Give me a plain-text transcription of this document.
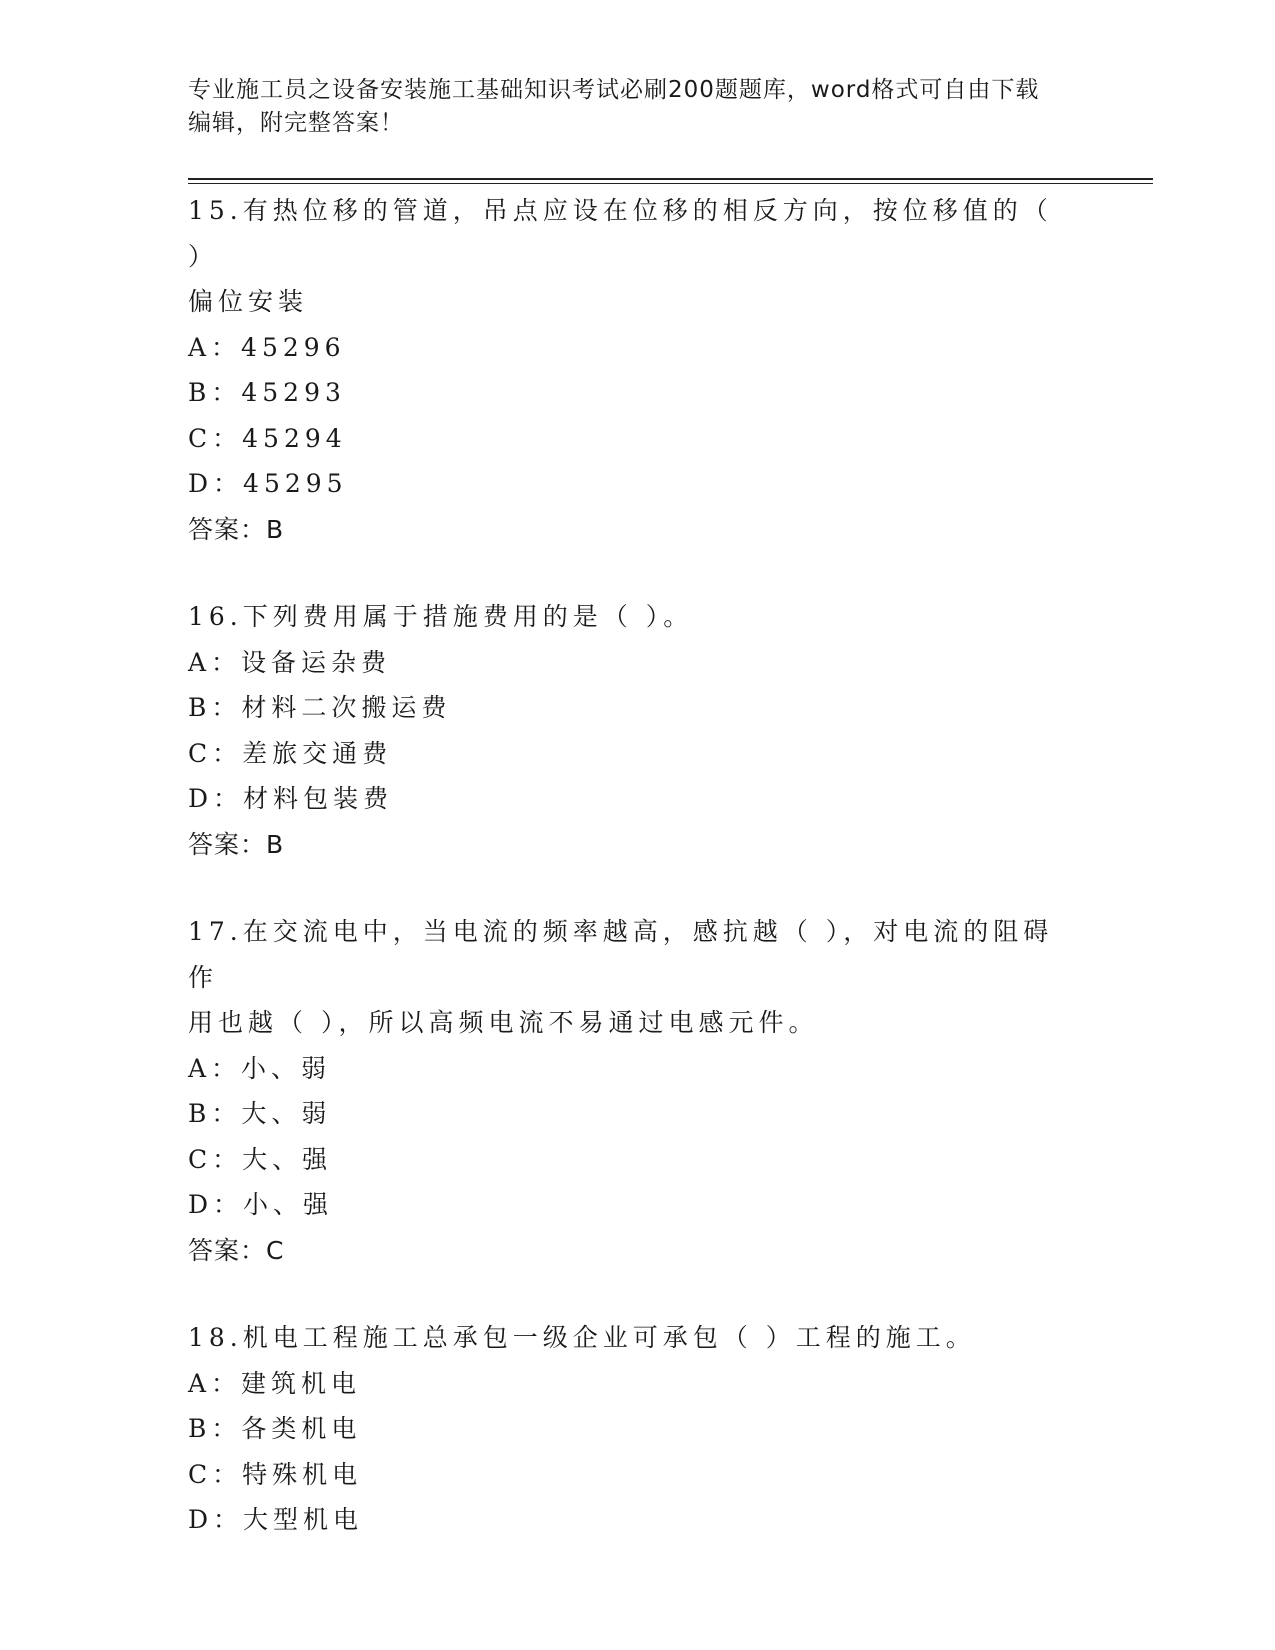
专业施工员之设备安装施工基础知识考试必刷200题题库，word格式可自由下载
编辑，附完整答案！
15.有热位移的管道，吊点应设在位移的相反方向，按位移值的（ ）
偏位安装
A：45296
B：45293
C：45294
D：45295
答案：B
16.下列费用属于措施费用的是（ ）。
A：设备运杂费
B：材料二次搬运费
C：差旅交通费
D：材料包装费
答案：B
17.在交流电中，当电流的频率越高，感抗越（ ），对电流的阻碍作
用也越（ ），所以高频电流不易通过电感元件。
A：小、弱
B：大、弱
C：大、强
D：小、强
答案：C
18.机电工程施工总承包一级企业可承包（ ）工程的施工。
A：建筑机电
B：各类机电
C：特殊机电
D：大型机电
